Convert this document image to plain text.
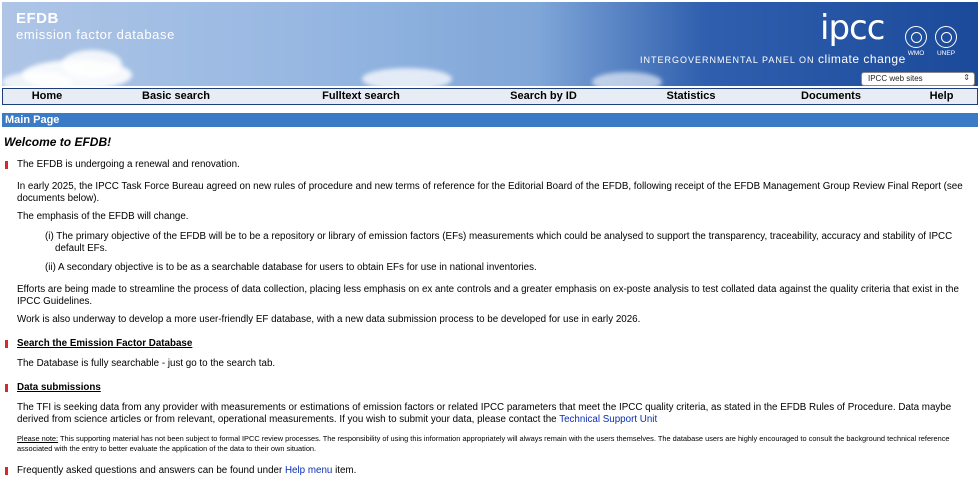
EFDB
emission factor database	ipcc
INTERGOVERNMENTAL PANEL ON climate change WMO	UNEP
IPCC web sites	⇕
Home	Basic search	Fulltext search	Search by ID	Statistics	Documents	Help
Main Page
Welcome to EFDB!
The EFDB is undergoing a renewal and renovation.
In early 2025, the IPCC Task Force Bureau agreed on new rules of procedure and new terms of reference for the Editorial Board of the EFDB, following receipt of the EFDB Management Group Review Final Report (see documents below).
The emphasis of the EFDB will change.
(i) The primary objective of the EFDB will be to be a repository or library of emission factors (EFs) measurements which could be analysed to support the transparency, traceability, accuracy and stability of IPCC default EFs.
(ii) A secondary objective is to be as a searchable database for users to obtain EFs for use in national inventories.
Efforts are being made to streamline the process of data collection, placing less emphasis on ex ante controls and a greater emphasis on ex-poste analysis to test collated data against the quality criteria that exist in the IPCC Guidelines.
Work is also underway to develop a more user-friendly EF database, with a new data submission process to be developed for use in early 2026.
Search the Emission Factor Database
The Database is fully searchable - just go to the search tab.
Data submissions
The TFI is seeking data from any provider with measurements or estimations of emission factors or related IPCC parameters that meet the IPCC quality criteria, as stated in the EFDB Rules of Procedure. Data maybe derived from science articles or from relevant, operational measurements. If you wish to submit your data, please contact the Technical Support Unit
Please note: This supporting material has not been subject to formal IPCC review processes. The responsibility of using this information appropriately will always remain with the users themselves. The database users are highly encouraged to consult the background technical reference associated with the entry to better evaluate the application of the data to their own situation.
Frequently asked questions and answers can be found under Help menu item.
